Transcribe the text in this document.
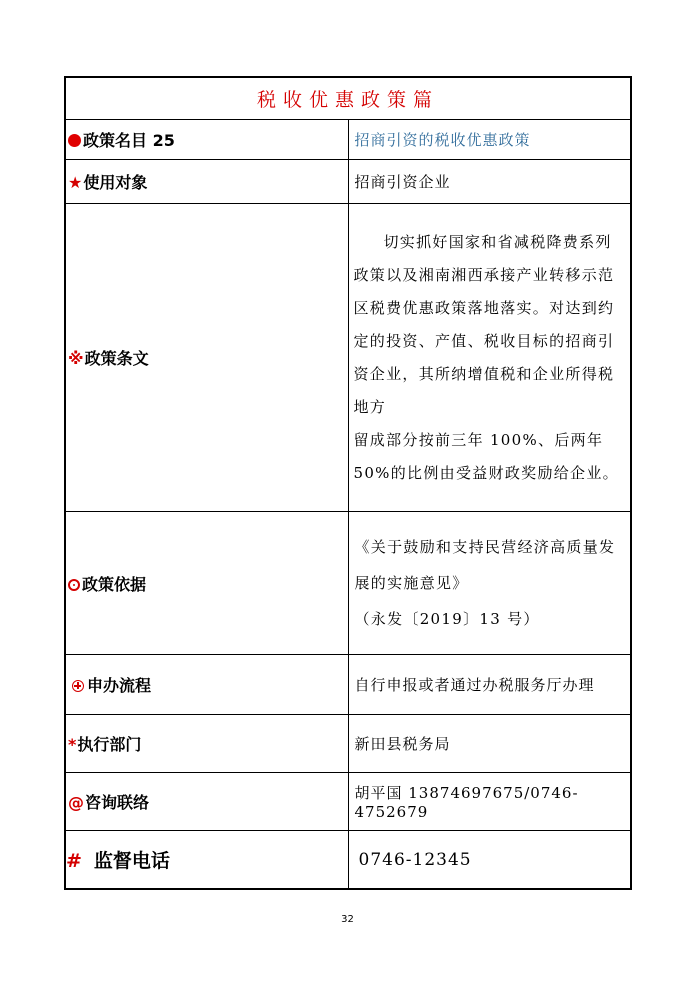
税收优惠政策篇	
政策名目 25	招商引资的税收优惠政策
★使用对象	招商引资企业
※政策条文	切实抓好国家和省减税降费系列政策以及湘南湘西承接产业转移示范区税费优惠政策落地落实。对达到约定的投资、产值、税收目标的招商引资企业，其所纳增值税和企业所得税地方
留成部分按前三年 100%、后两年 50%的比例由受益财政奖励给企业。

政策依据	《关于鼓励和支持民营经济高质量发展的实施意见》
（永发〔2019〕13 号）

申办流程	自行申报或者通过办税服务厅办理
*执行部门	新田县税务局
@咨询联络	胡平国 13874697675/0746-4752679
# 监督电话	0746-12345
32
